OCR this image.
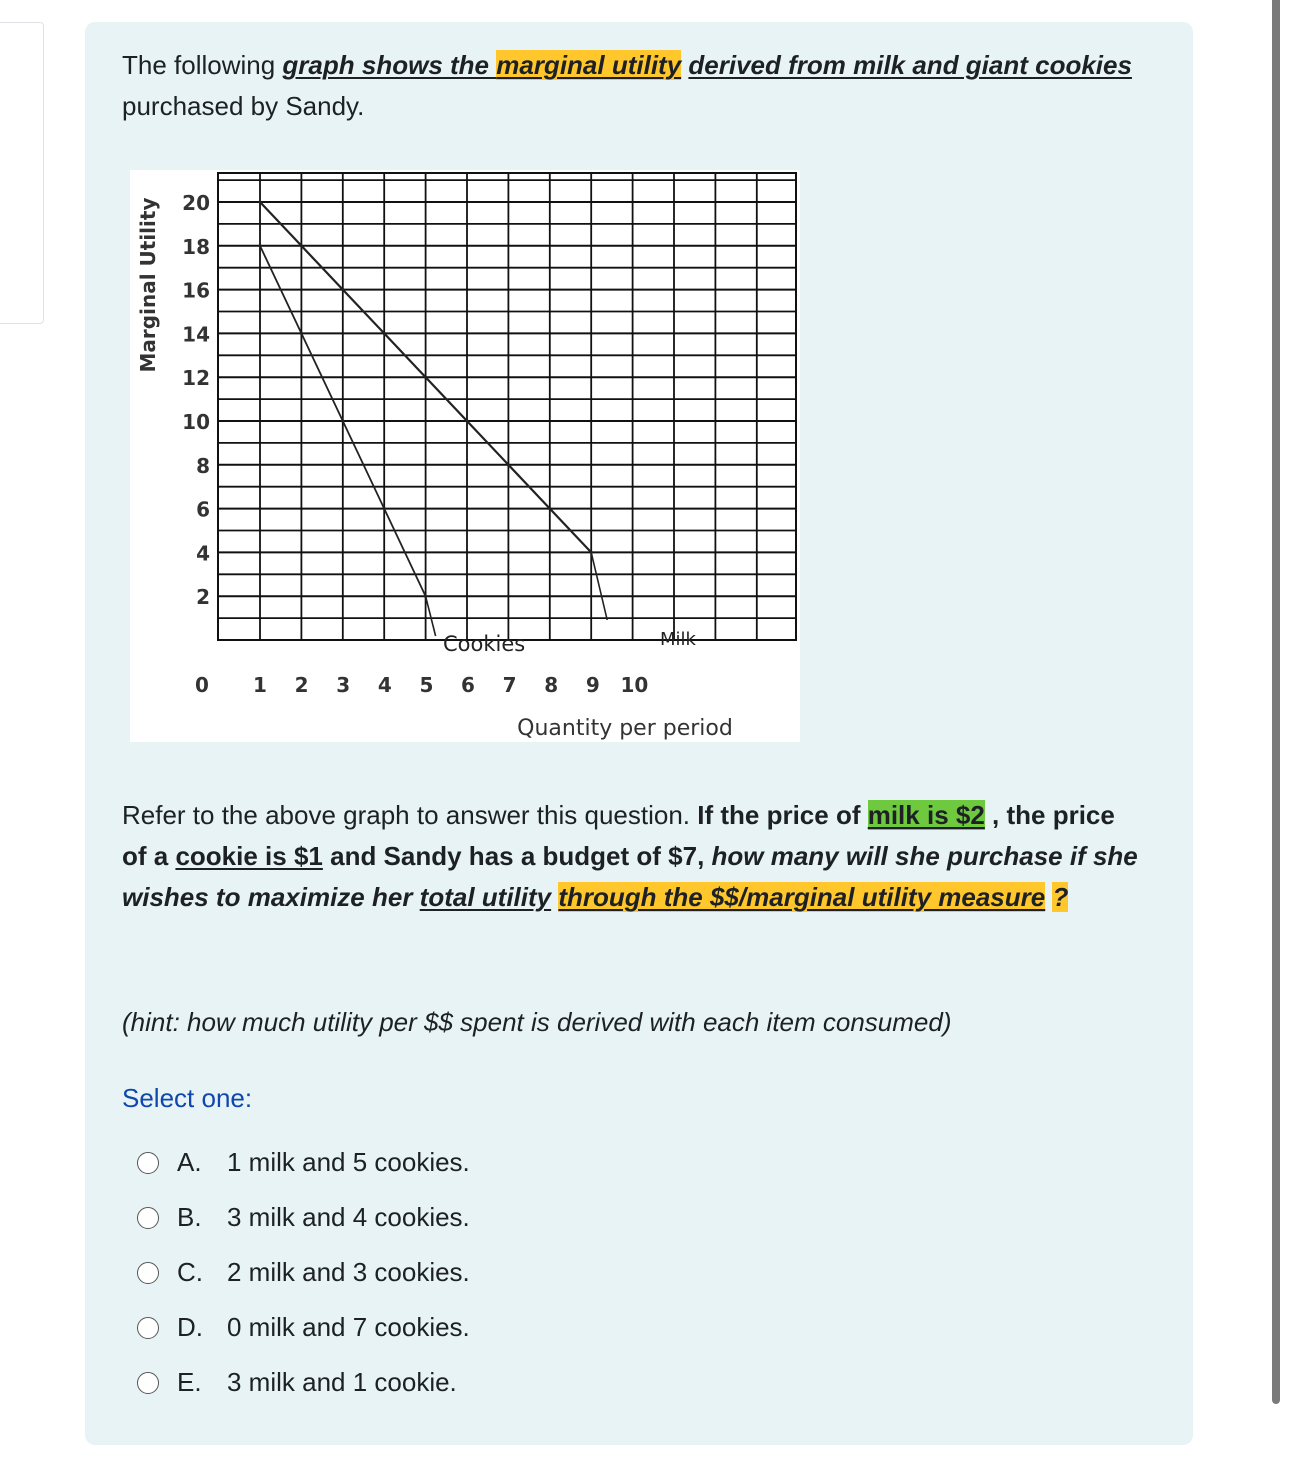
The following graph shows the marginal utility derived from milk and giant cookies purchased by Sandy.
Cookies	Milk
2
4
6
8
10
12
14
16
18
20
0 1 2 3 4 5 6 7 8 9 10
Quantity per period
Marginal Utility
Refer to the above graph to answer this question. If the price of milk is $2 , the price of a cookie is $1 and Sandy has a budget of $7, how many will she purchase if she wishes to maximize her total utility through the $$/marginal utility measure ?
(hint: how much utility per $$ spent is derived with each item consumed)
Select one:
A. 1 milk and 5 cookies.
B. 3 milk and 4 cookies.
C. 2 milk and 3 cookies.
D. 0 milk and 7 cookies.
E. 3 milk and 1 cookie.
